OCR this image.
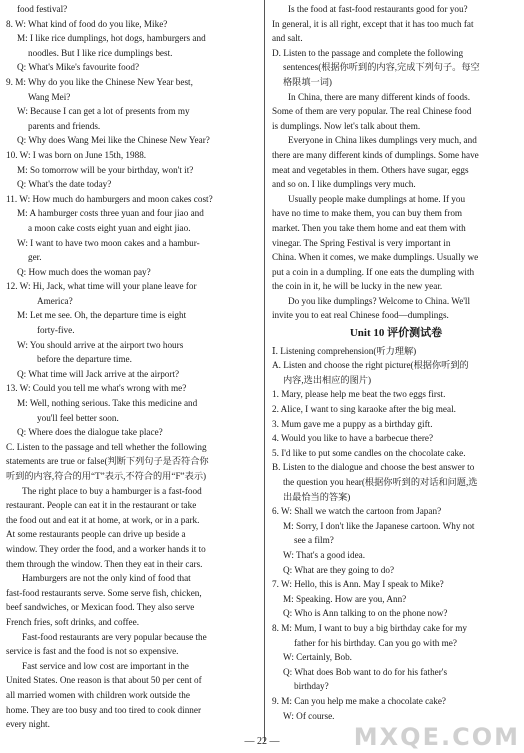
food festival?
8. W: What kind of food do you like, Mike?
M: I like rice dumplings, hot dogs, hamburgers and
noodles. But I like rice dumplings best.
Q: What's Mike's favourite food?
9. M: Why do you like the Chinese New Year best,
Wang Mei?
W: Because I can get a lot of presents from my
parents and friends.
Q: Why does Wang Mei like the Chinese New Year?
10. W: I was born on June 15th, 1988.
M: So tomorrow will be your birthday, won't it?
Q: What's the date today?
11. W: How much do hamburgers and moon cakes cost?
M: A hamburger costs three yuan and four jiao and
a moon cake costs eight yuan and eight jiao.
W: I want to have two moon cakes and a hambur-
ger.
Q: How much does the woman pay?
12. W: Hi, Jack, what time will your plane leave for
America?
M: Let me see. Oh, the departure time is eight
forty-five.
W: You should arrive at the airport two hours
before the departure time.
Q: What time will Jack arrive at the airport?
13. W: Could you tell me what's wrong with me?
M: Well, nothing serious. Take this medicine and
you'll feel better soon.
Q: Where does the dialogue take place?
C. Listen to the passage and tell whether the following
statements are true or false(判断下列句子是否符合你
听到的内容,符合的用“T”表示,不符合的用“F”表示)
The right place to buy a hamburger is a fast-food
restaurant. People can eat it in the restaurant or take
the food out and eat it at home, at work, or in a park.
At some restaurants people can drive up beside a
window. They order the food, and a worker hands it to
them through the window. Then they eat in their cars.
Hamburgers are not the only kind of food that
fast-food restaurants serve. Some serve fish, chicken,
beef sandwiches, or Mexican food. They also serve
French fries, soft drinks, and coffee.
Fast-food restaurants are very popular because the
service is fast and the food is not so expensive.
Fast service and low cost are important in the
United States. One reason is that about 50 per cent of
all married women with children work outside the
home. They are too busy and too tired to cook dinner
every night.
Is the food at fast-food restaurants good for you?
In general, it is all right, except that it has too much fat
and salt.
D. Listen to the passage and complete the following
sentences(根据你听到的内容,完成下列句子。每空
格限填一词)
In China, there are many different kinds of foods.
Some of them are very popular. The real Chinese food
is dumplings. Now let's talk about them.
Everyone in China likes dumplings very much, and
there are many different kinds of dumplings. Some have
meat and vegetables in them. Others have sugar, eggs
and so on. I like dumplings very much.
Usually people make dumplings at home. If you
have no time to make them, you can buy them from
market. Then you take them home and eat them with
vinegar. The Spring Festival is very important in
China. When it comes, we make dumplings. Usually we
put a coin in a dumpling. If one eats the dumpling with
the coin in it, he will be lucky in the new year.
Do you like dumplings? Welcome to China. We'll
invite you to eat real Chinese food—dumplings.
Unit 10 评价测试卷
Ⅰ. Listening comprehension(听力理解)
A. Listen and choose the right picture(根据你听到的
内容,选出相应的图片)
1. Mary, please help me beat the two eggs first.
2. Alice, I want to sing karaoke after the big meal.
3. Mum gave me a puppy as a birthday gift.
4. Would you like to have a barbecue there?
5. I'd like to put some candles on the chocolate cake.
B. Listen to the dialogue and choose the best answer to
the question you hear(根据你听到的对话和问题,选
出最恰当的答案)
6. W: Shall we watch the cartoon from Japan?
M: Sorry, I don't like the Japanese cartoon. Why not
see a film?
W: That's a good idea.
Q: What are they going to do?
7. W: Hello, this is Ann. May I speak to Mike?
M: Speaking. How are you, Ann?
Q: Who is Ann talking to on the phone now?
8. M: Mum, I want to buy a big birthday cake for my
father for his birthday. Can you go with me?
W: Certainly, Bob.
Q: What does Bob want to do for his father's
birthday?
9. M: Can you help me make a chocolate cake?
W: Of course.
— 22 —	MXQE.COM
